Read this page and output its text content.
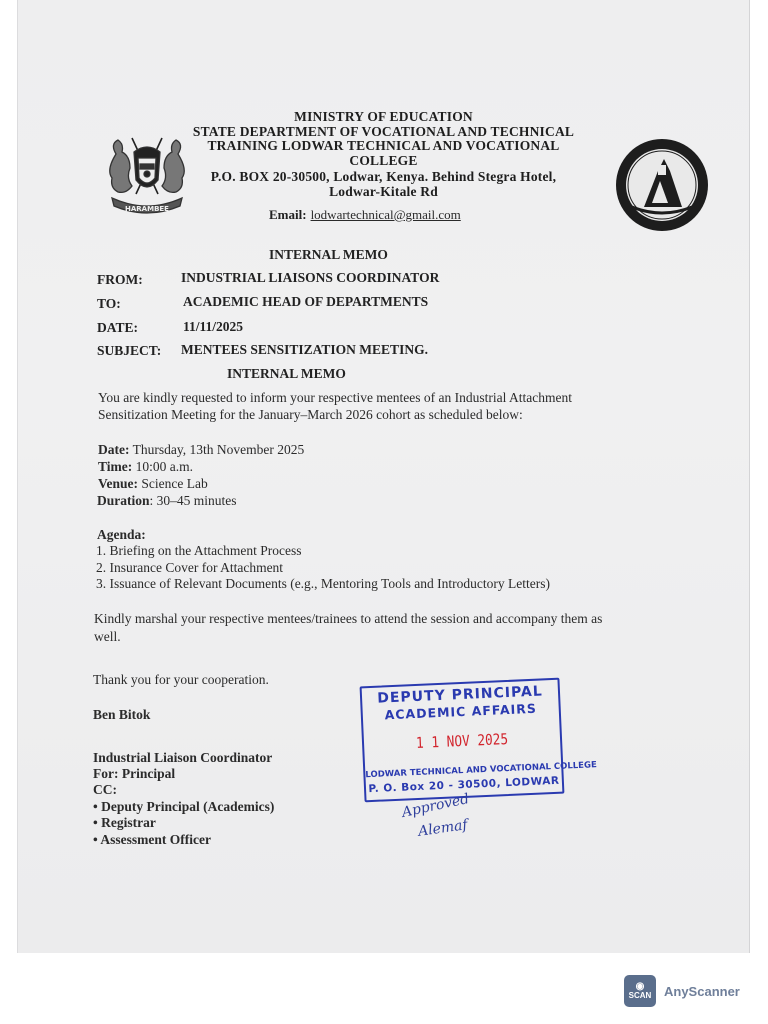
HARAMBEE
MINISTRY OF EDUCATION
STATE DEPARTMENT OF VOCATIONAL AND TECHNICAL
TRAINING LODWAR TECHNICAL AND VOCATIONAL
COLLEGE
P.O. BOX 20-30500, Lodwar, Kenya. Behind Stegra Hotel,
Lodwar-Kitale Rd
Email: lodwartechnical@gmail.com
INTERNAL MEMO
FROM:	INDUSTRIAL LIAISONS COORDINATOR
TO:	ACADEMIC HEAD OF DEPARTMENTS
DATE:	11/11/2025
SUBJECT: MENTEES SENSITIZATION MEETING.
INTERNAL MEMO
You are kindly requested to inform your respective mentees of an Industrial Attachment
Sensitization Meeting for the January–March 2026 cohort as scheduled below:
Date: Thursday, 13th November 2025
Time: 10:00 a.m.
Venue: Science Lab
Duration: 30–45 minutes
Agenda:
1. Briefing on the Attachment Process
2. Insurance Cover for Attachment
3. Issuance of Relevant Documents (e.g., Mentoring Tools and Introductory Letters)
Kindly marshal your respective mentees/trainees to attend the session and accompany them as
well.
Thank you for your cooperation.
Ben Bitok
Industrial Liaison Coordinator
For: Principal
CC:
• Deputy Principal (Academics)
• Registrar
• Assessment Officer
DEPUTY PRINCIPAL
ACADEMIC AFFAIRS
1 1 NOV 2025
LODWAR TECHNICAL AND VOCATIONAL COLLEGE
P. O. Box 20 - 30500, LODWAR
Approved
Alemaf
◉
SCAN AnyScanner
